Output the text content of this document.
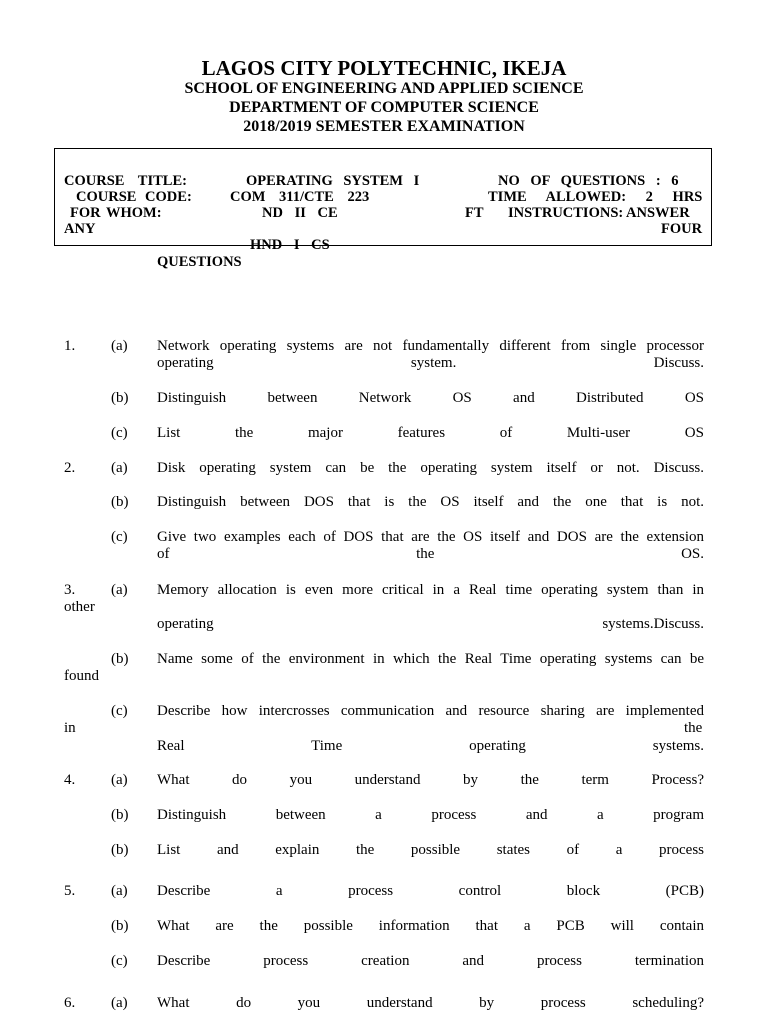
LAGOS CITY POLYTECHNIC, IKEJA
SCHOOL OF ENGINEERING AND APPLIED SCIENCE
DEPARTMENT OF COMPUTER SCIENCE
2018/2019 SEMESTER EXAMINATION
COURSE TITLE:	OPERATING SYSTEM I	NO OF QUESTIONS : 6
COURSE CODE:	COM 311/CTE 223	TIME ALLOWED: 2 HRS
FOR WHOM:	ND II CE	FT INSTRUCTIONS: ANSWER
ANY	FOUR
HND I CS
QUESTIONS
1. (a) Network operating systems are not fundamentally different from single processor
operating system. Discuss.
(b) Distinguish between Network OS and Distributed OS
(c) List the major features of Multi-user OS
2. (a) Disk operating system can be the operating system itself or not. Discuss.
(b) Distinguish between DOS that is the OS itself and the one that is not.
(c) Give two examples each of DOS that are the OS itself and DOS are the extension
of the OS.
3. (a) Memory allocation is even more critical in a Real time operating system than in
other
operating systems.Discuss.
(b) Name some of the environment in which the Real Time operating systems can be
found
(c) Describe how intercrosses communication and resource sharing are implemented
in	the
Real Time operating systems.
4. (a) What do you understand by the term Process?
(b) Distinguish between a process and a program
(b) List and explain the possible states of a process
5. (a) Describe a process control block (PCB)
(b) What are the possible information that a PCB will contain
(c) Describe process creation and process termination
6. (a) What do you understand by process scheduling?
